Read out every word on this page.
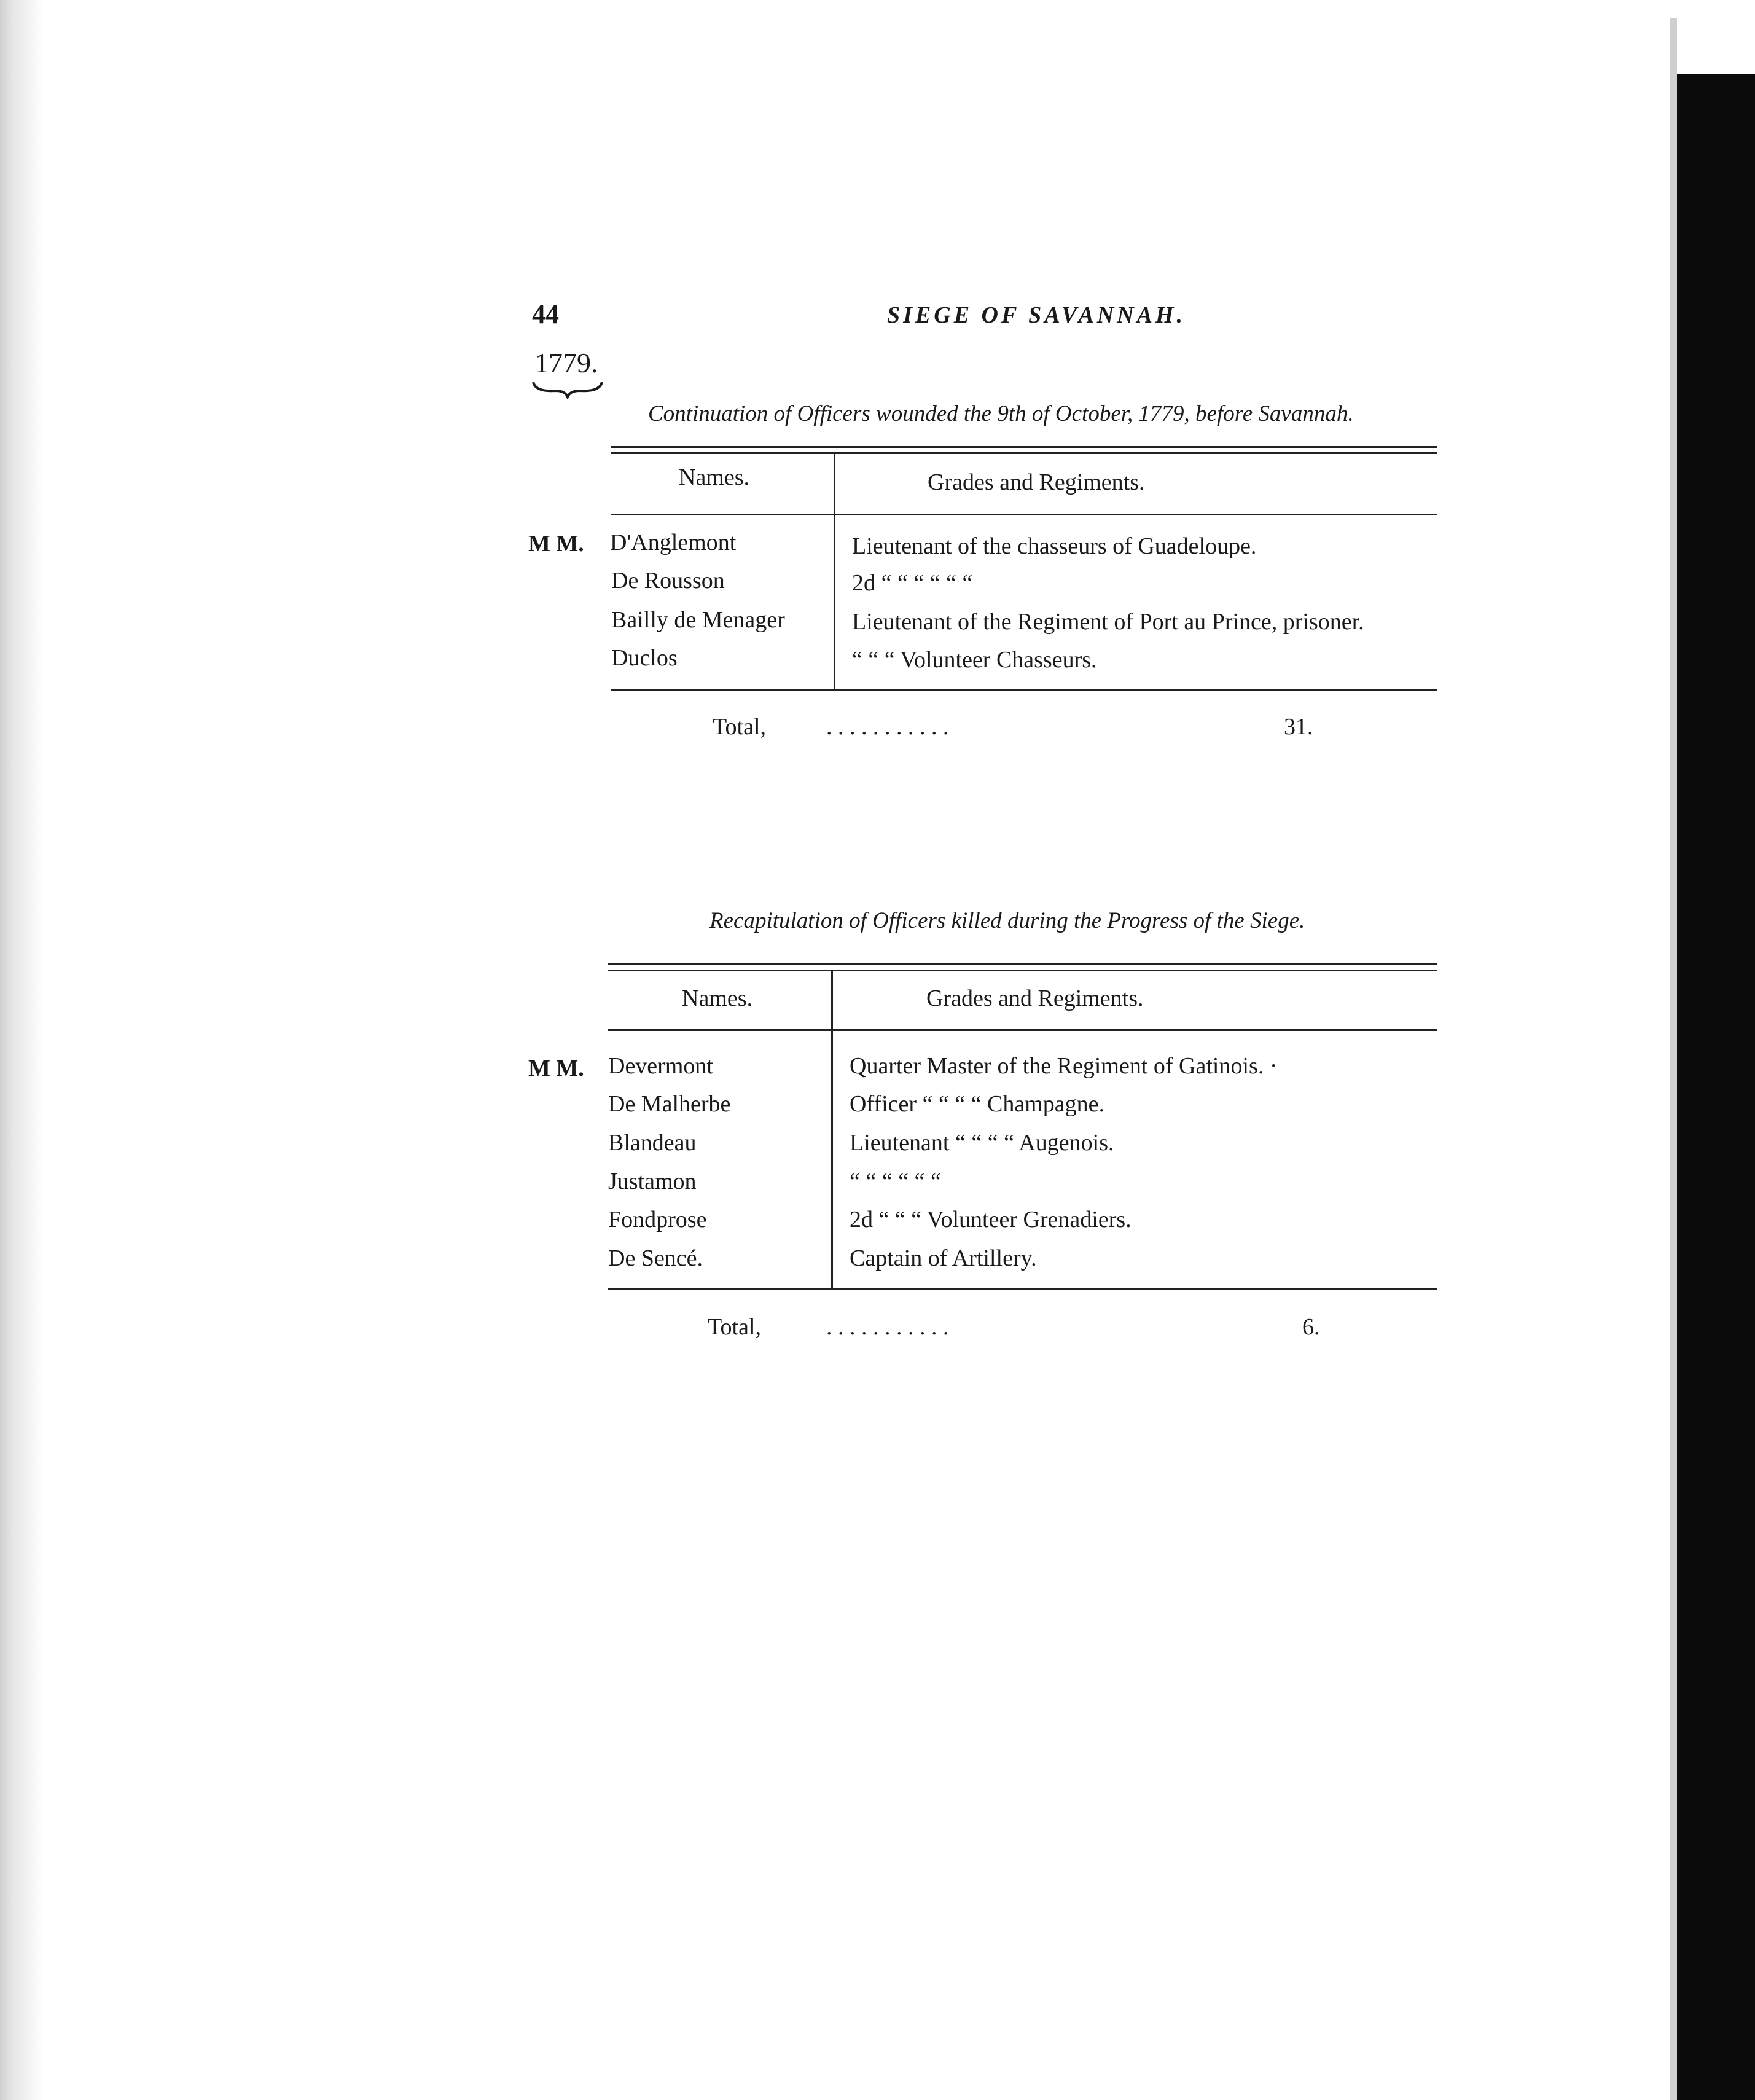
44	SIEGE OF SAVANNAH.
1779.
Continuation of Officers wounded the 9th of October, 1779, before Savannah.
Names.	Grades and Regiments.
M M. D'Anglemont	Lieutenant of the chasseurs of Guadeloupe.
De Rousson	2d “ “ “ “ “ “
Bailly de Menager	Lieutenant of the Regiment of Port au Prince, prisoner.
Duclos	“ “ “ Volunteer Chasseurs.
Total,	. . . . . . . . . . .	31.
Recapitulation of Officers killed during the Progress of the Siege.
Names.	Grades and Regiments.
M M. Devermont	Quarter Master of the Regiment of Gatinois. ·
De Malherbe	Officer “ “ “ “ Champagne.
Blandeau	Lieutenant “ “ “ “ Augenois.
Justamon	“ “ “ “ “ “
Fondprose	2d “ “ “ Volunteer Grenadiers.
De Sencé.	Captain of Artillery.
Total,	. . . . . . . . . . .	6.
